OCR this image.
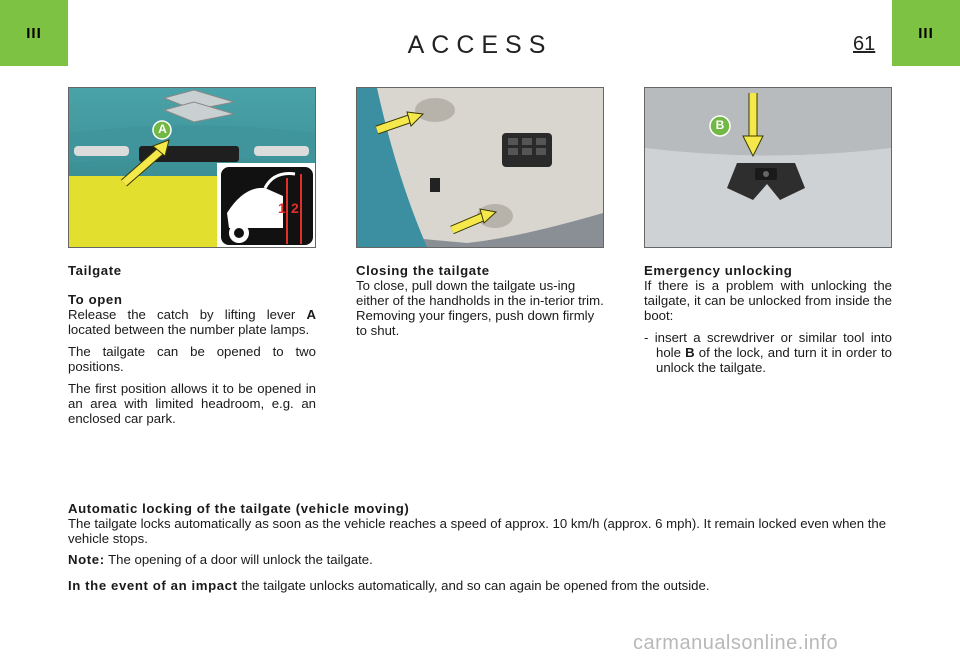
III	ACCESS	61	III
A
1 2
B

Tailgate

To open

Release the catch by lifting lever A located between the number plate lamps.

The tailgate can be opened to two positions.

The first position allows it to be opened in an area with limited headroom, e.g. an enclosed car park.

Closing the tailgate

To close, pull down the tailgate us-ing either of the handholds in the in-terior trim.

Removing your fingers, push down firmly to shut.

Emergency unlocking

If there is a problem with unlocking the tailgate, it can be unlocked from inside the boot:

- insert a screwdriver or similar tool into hole B of the lock, and turn it in order to unlock the tailgate.

Automatic locking of the tailgate (vehicle moving)

The tailgate locks automatically as soon as the vehicle reaches a speed of approx. 10 km/h (approx. 6 mph). It remain locked even when the vehicle stops.

Note: The opening of a door will unlock the tailgate.

In the event of an impact the tailgate unlocks automatically, and so can again be opened from the outside.

carmanualsonline.info
